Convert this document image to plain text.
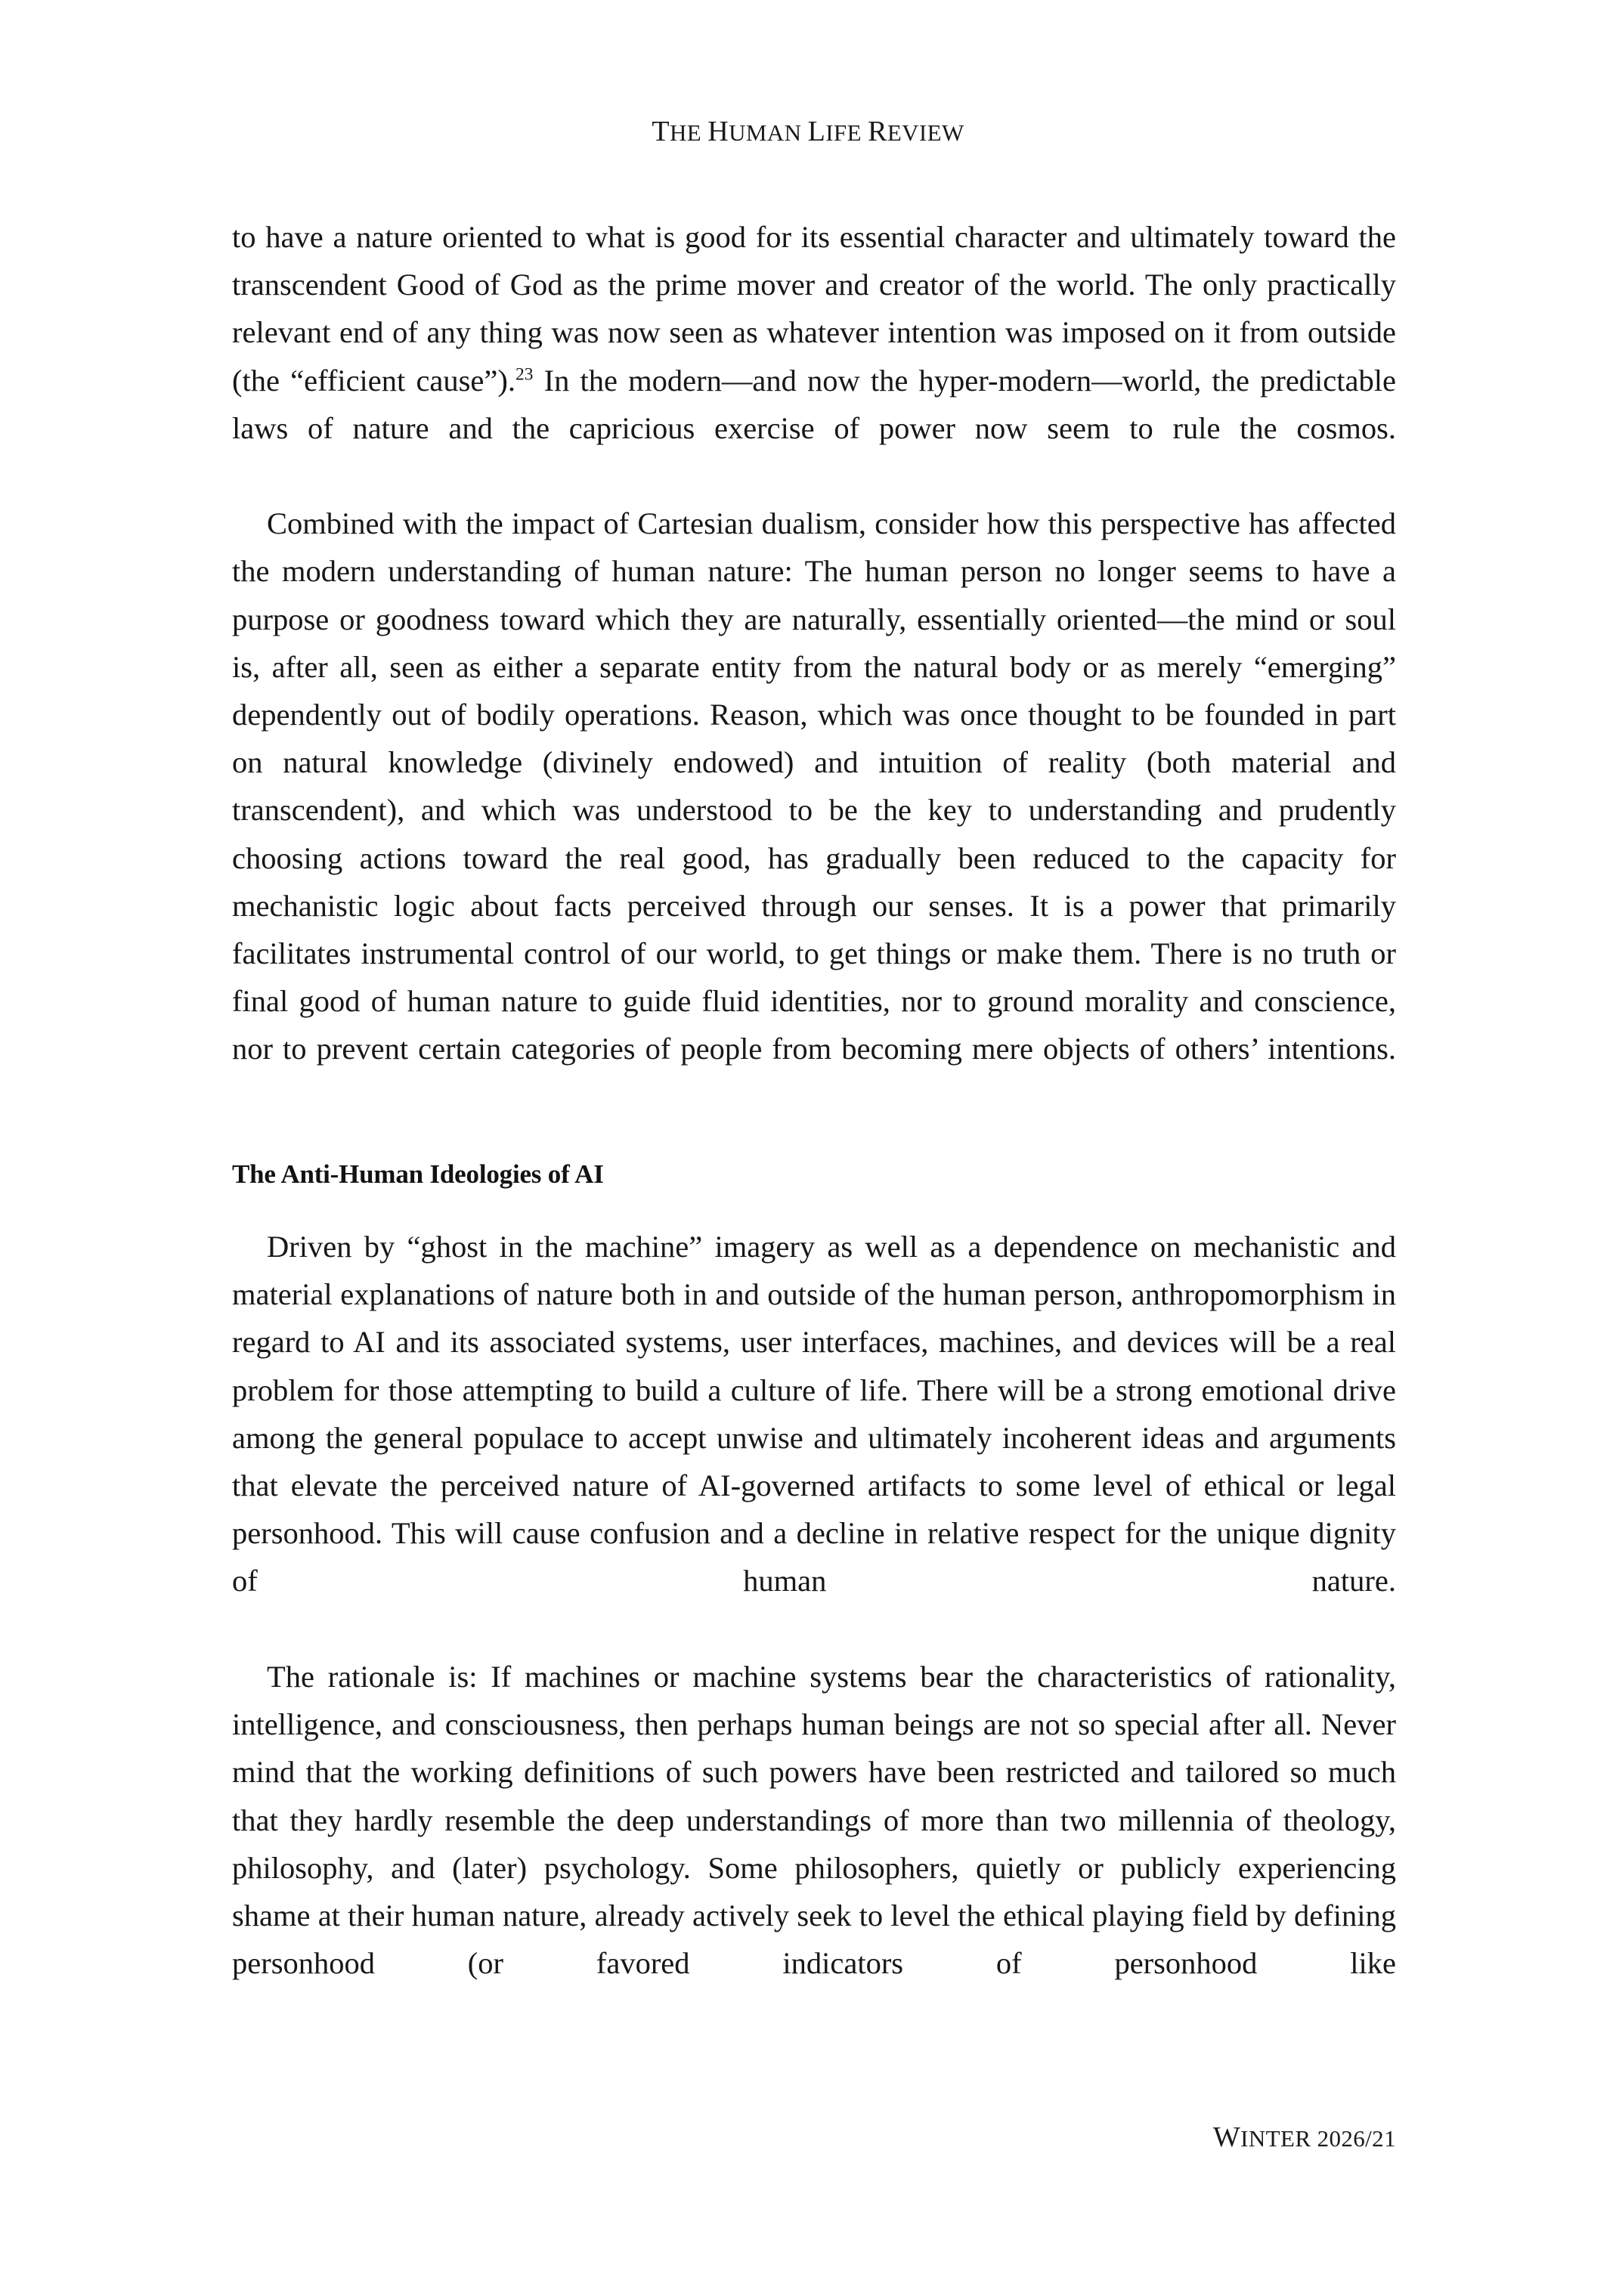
THE HUMAN LIFE REVIEW

to have a nature oriented to what is good for its essential character and ultimately toward the transcendent Good of God as the prime mover and creator of the world. The only practically relevant end of any thing was now seen as whatever intention was imposed on it from outside (the “efficient cause”).$^{23}$ In the modern—and now the hyper-modern—world, the predictable laws of nature and the capricious exercise of power now seem to rule the cosmos.

Combined with the impact of Cartesian dualism, consider how this perspective has affected the modern understanding of human nature: The human person no longer seems to have a purpose or goodness toward which they are naturally, essentially oriented—the mind or soul is, after all, seen as either a separate entity from the natural body or as merely “emerging” dependently out of bodily operations. Reason, which was once thought to be founded in part on natural knowledge (divinely endowed) and intuition of reality (both material and transcendent), and which was understood to be the key to understanding and prudently choosing actions toward the real good, has gradually been reduced to the capacity for mechanistic logic about facts perceived through our senses. It is a power that primarily facilitates instrumental control of our world, to get things or make them. There is no truth or final good of human nature to guide fluid identities, nor to ground morality and conscience, nor to prevent certain categories of people from becoming mere objects of others’ intentions.

The Anti-Human Ideologies of AI

Driven by “ghost in the machine” imagery as well as a dependence on mechanistic and material explanations of nature both in and outside of the human person, anthropomorphism in regard to AI and its associated systems, user interfaces, machines, and devices will be a real problem for those attempting to build a culture of life. There will be a strong emotional drive among the general populace to accept unwise and ultimately incoherent ideas and arguments that elevate the perceived nature of AI-governed artifacts to some level of ethical or legal personhood. This will cause confusion and a decline in relative respect for the unique dignity of human nature.

The rationale is: If machines or machine systems bear the characteristics of rationality, intelligence, and consciousness, then perhaps human beings are not so special after all. Never mind that the working definitions of such powers have been restricted and tailored so much that they hardly resemble the deep understandings of more than two millennia of theology, philosophy, and (later) psychology. Some philosophers, quietly or publicly experiencing shame at their human nature, already actively seek to level the ethical playing field by defining personhood (or favored indicators of personhood like

WINTER 2026/21
